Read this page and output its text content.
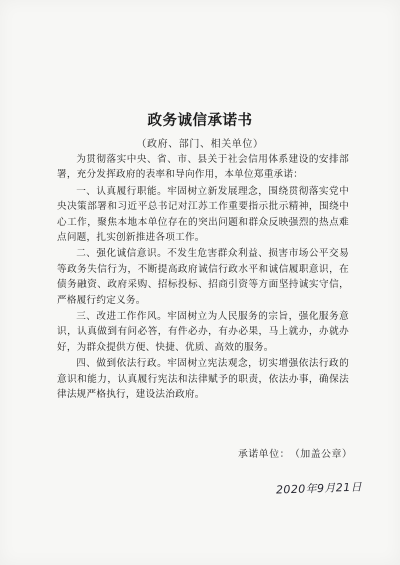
政务诚信承诺书
（政府、部门、相关单位）

为贯彻落实中央、省、市、县关于社会信用体系建设的安排部署，充分发挥政府的表率和导向作用，本单位郑重承诺：

一、认真履行职能。牢固树立新发展理念，围绕贯彻落实党中央决策部署和习近平总书记对江苏工作重要指示批示精神，围绕中心工作，聚焦本地本单位存在的突出问题和群众反映强烈的热点难点问题，扎实创新推进各项工作。

二、强化诚信意识。不发生危害群众利益、损害市场公平交易等政务失信行为，不断提高政府诚信行政水平和诚信履职意识，在债务融资、政府采购、招标投标、招商引资等方面坚持诚实守信，严格履行约定义务。

三、改进工作作风。牢固树立为人民服务的宗旨，强化服务意识，认真做到有问必答，有件必办，有办必果，马上就办，办就办好，为群众提供方便、快捷、优质、高效的服务。

四、做到依法行政。牢固树立宪法观念，切实增强依法行政的意识和能力，认真履行宪法和法律赋予的职责，依法办事，确保法律法规严格执行，建设法治政府。

承诺单位：（加盖公章）
2020年9月21日
